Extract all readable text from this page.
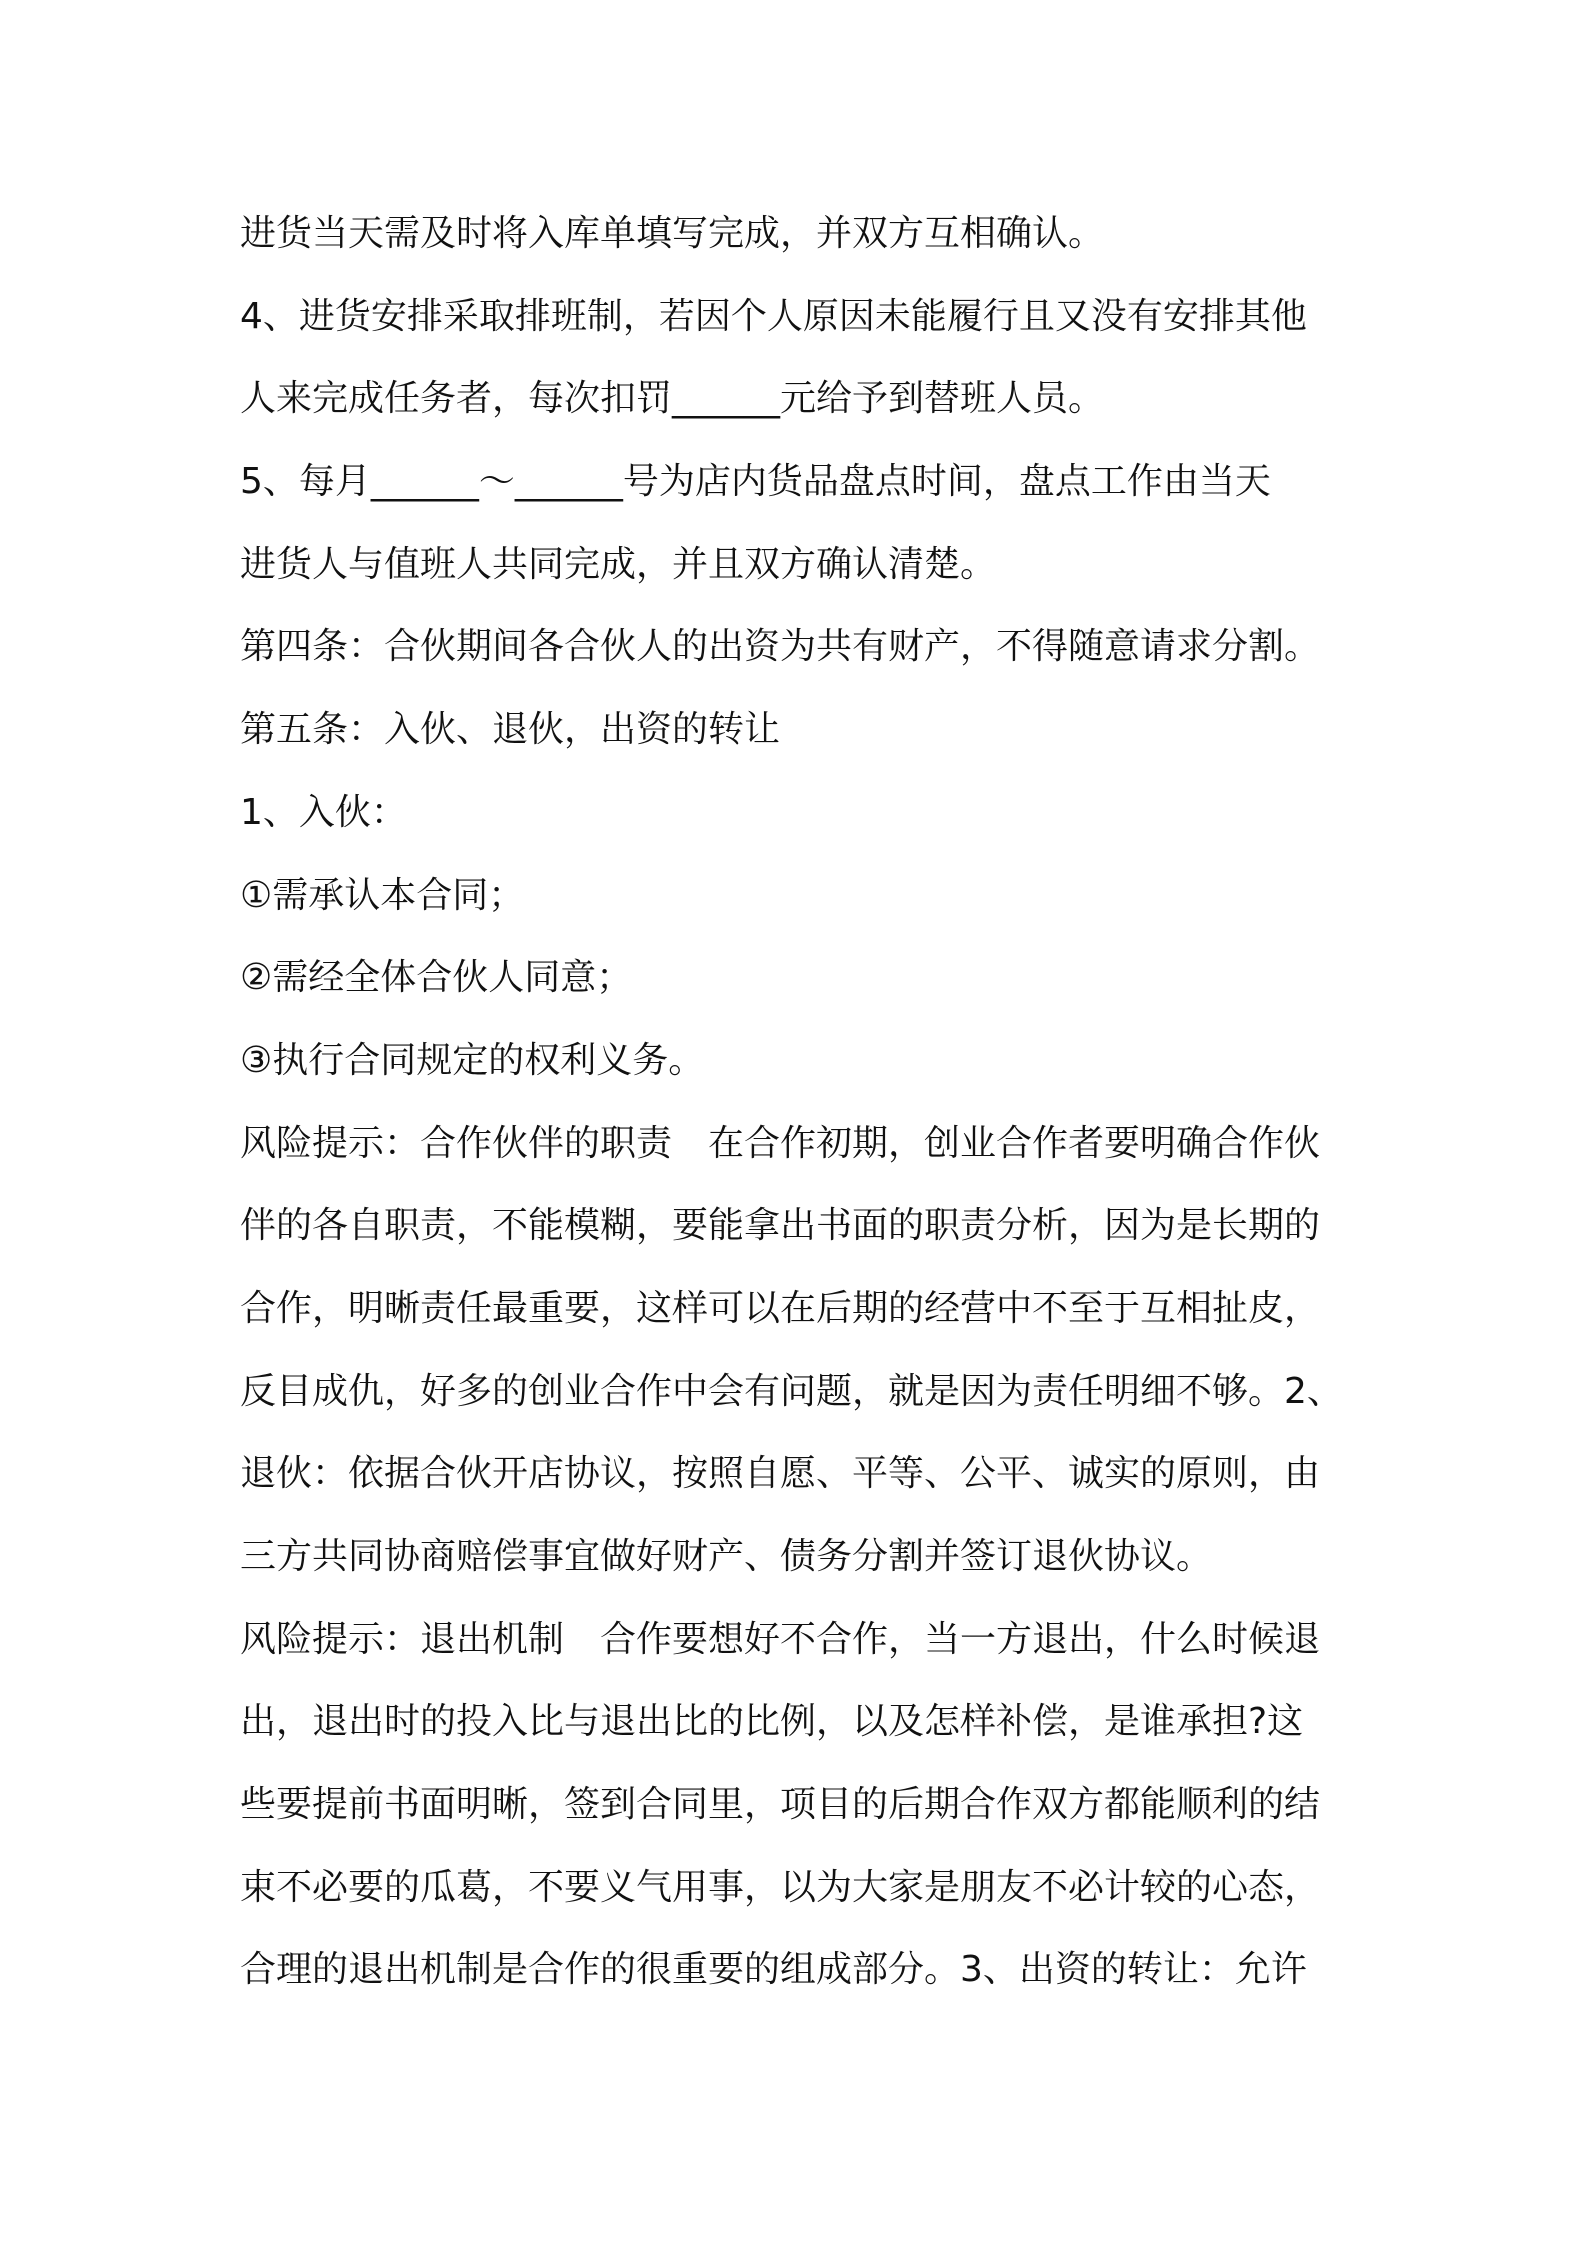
进货当天需及时将入库单填写完成，并双方互相确认。
4、进货安排采取排班制，若因个人原因未能履行且又没有安排其他
人来完成任务者，每次扣罚______元给予到替班人员。
5、每月______～______号为店内货品盘点时间，盘点工作由当天
进货人与值班人共同完成，并且双方确认清楚。
第四条：合伙期间各合伙人的出资为共有财产，不得随意请求分割。
第五条：入伙、退伙，出资的转让
1、入伙：
①需承认本合同；
②需经全体合伙人同意；
③执行合同规定的权利义务。
风险提示：合作伙伴的职责　在合作初期，创业合作者要明确合作伙
伴的各自职责，不能模糊，要能拿出书面的职责分析，因为是长期的
合作，明晰责任最重要，这样可以在后期的经营中不至于互相扯皮，
反目成仇，好多的创业合作中会有问题，就是因为责任明细不够。2、
退伙：依据合伙开店协议，按照自愿、平等、公平、诚实的原则，由
三方共同协商赔偿事宜做好财产、债务分割并签订退伙协议。
风险提示：退出机制　合作要想好不合作，当一方退出，什么时候退
出，退出时的投入比与退出比的比例，以及怎样补偿，是谁承担?这
些要提前书面明晰，签到合同里，项目的后期合作双方都能顺利的结
束不必要的瓜葛，不要义气用事，以为大家是朋友不必计较的心态，
合理的退出机制是合作的很重要的组成部分。3、出资的转让：允许
